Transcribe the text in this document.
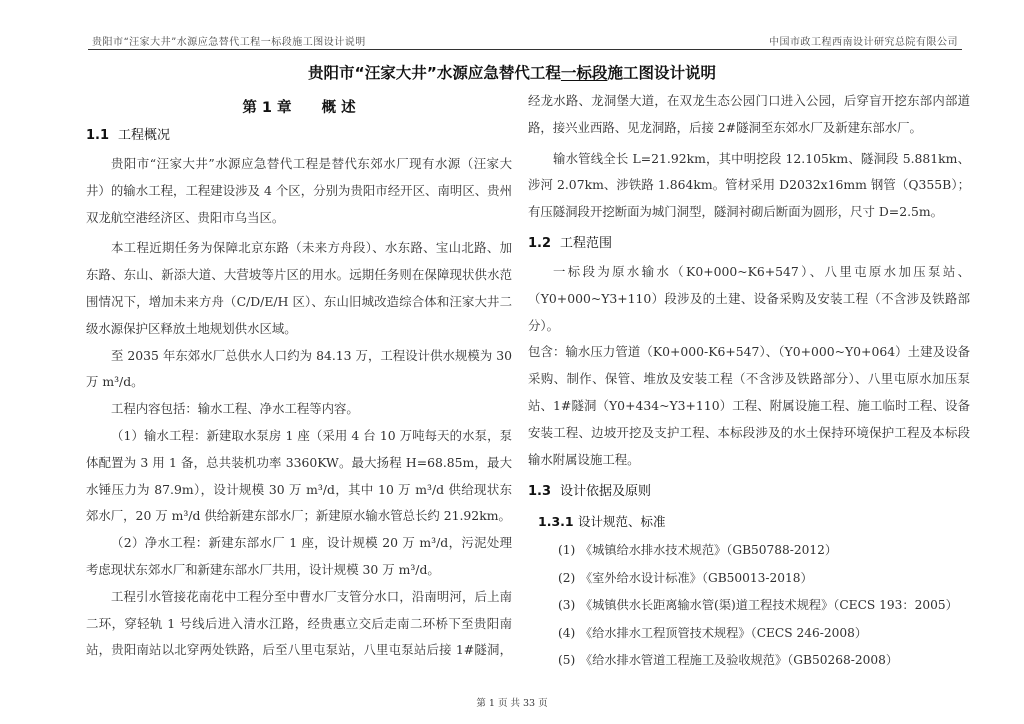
贵阳市“汪家大井”水源应急替代工程一标段施工图设计说明	中国市政工程西南设计研究总院有限公司
贵阳市“汪家大井”水源应急替代工程一标段施工图设计说明
第 1 章 概 述
1.1 工程概况

贵阳市“汪家大井”水源应急替代工程是替代东郊水厂现有水源（汪家大井）的输水工程，工程建设涉及 4 个区，分别为贵阳市经开区、南明区、贵州双龙航空港经济区、贵阳市乌当区。

本工程近期任务为保障北京东路（未来方舟段）、水东路、宝山北路、加东路、东山、新添大道、大营坡等片区的用水。远期任务则在保障现状供水范围情况下，增加未来方舟（C/D/E/H 区）、东山旧城改造综合体和汪家大井二级水源保护区释放土地规划供水区域。

至 2035 年东郊水厂总供水人口约为 84.13 万，工程设计供水规模为 30 万 m³/d。

工程内容包括：输水工程、净水工程等内容。

（1）输水工程：新建取水泵房 1 座（采用 4 台 10 万吨每天的水泵，泵体配置为 3 用 1 备，总共装机功率 3360KW。最大扬程 H=68.85m，最大水锤压力为 87.9m），设计规模 30 万 m³/d，其中 10 万 m³/d 供给现状东郊水厂，20 万 m³/d 供给新建东部水厂；新建原水输水管总长约 21.92km。

（2）净水工程：新建东部水厂 1 座，设计规模 20 万 m³/d，污泥处理考虑现状东郊水厂和新建东部水厂共用，设计规模 30 万 m³/d。

工程引水管接花南花中工程分至中曹水厂支管分水口，沿南明河，后上南二环，穿轻轨 1 号线后进入清水江路，经贵惠立交后走南二环桥下至贵阳南站，贵阳南站以北穿两处铁路，后至八里屯泵站，八里屯泵站后接 1#隧洞，

经龙水路、龙洞堡大道，在双龙生态公园门口进入公园，后穿盲开挖东部内部道路，接兴业西路、见龙洞路，后接 2#隧洞至东郊水厂及新建东部水厂。

输水管线全长 L=21.92km，其中明挖段 12.105km、隧洞段 5.881km、涉河 2.07km、涉铁路 1.864km。管材采用 D2032x16mm 钢管（Q355B）；有压隧洞段开挖断面为城门洞型，隧洞衬砌后断面为圆形，尺寸 D=2.5m。

1.2 工程范围

一标段为原水输水（K0+000~K6+547）、八里屯原水加压泵站、（Y0+000~Y3+110）段涉及的土建、设备采购及安装工程（不含涉及铁路部分）。

包含：输水压力管道（K0+000-K6+547）、（Y0+000~Y0+064）土建及设备采购、制作、保管、堆放及安装工程（不含涉及铁路部分）、八里屯原水加压泵站、1#隧洞（Y0+434~Y3+110）工程、附属设施工程、施工临时工程、设备安装工程、边坡开挖及支护工程、本标段涉及的水土保持环境保护工程及本标段输水附属设施工程。

1.3 设计依据及原则
1.3.1 设计规范、标准

(1) 《城镇给水排水技术规范》（GB50788-2012）

(2) 《室外给水设计标准》（GB50013-2018）

(3) 《城镇供水长距离输水管(渠)道工程技术规程》（CECS 193：2005）

(4) 《给水排水工程顶管技术规程》（CECS 246-2008）

(5) 《给水排水管道工程施工及验收规范》（GB50268-2008）

第 1 页 共 33 页
